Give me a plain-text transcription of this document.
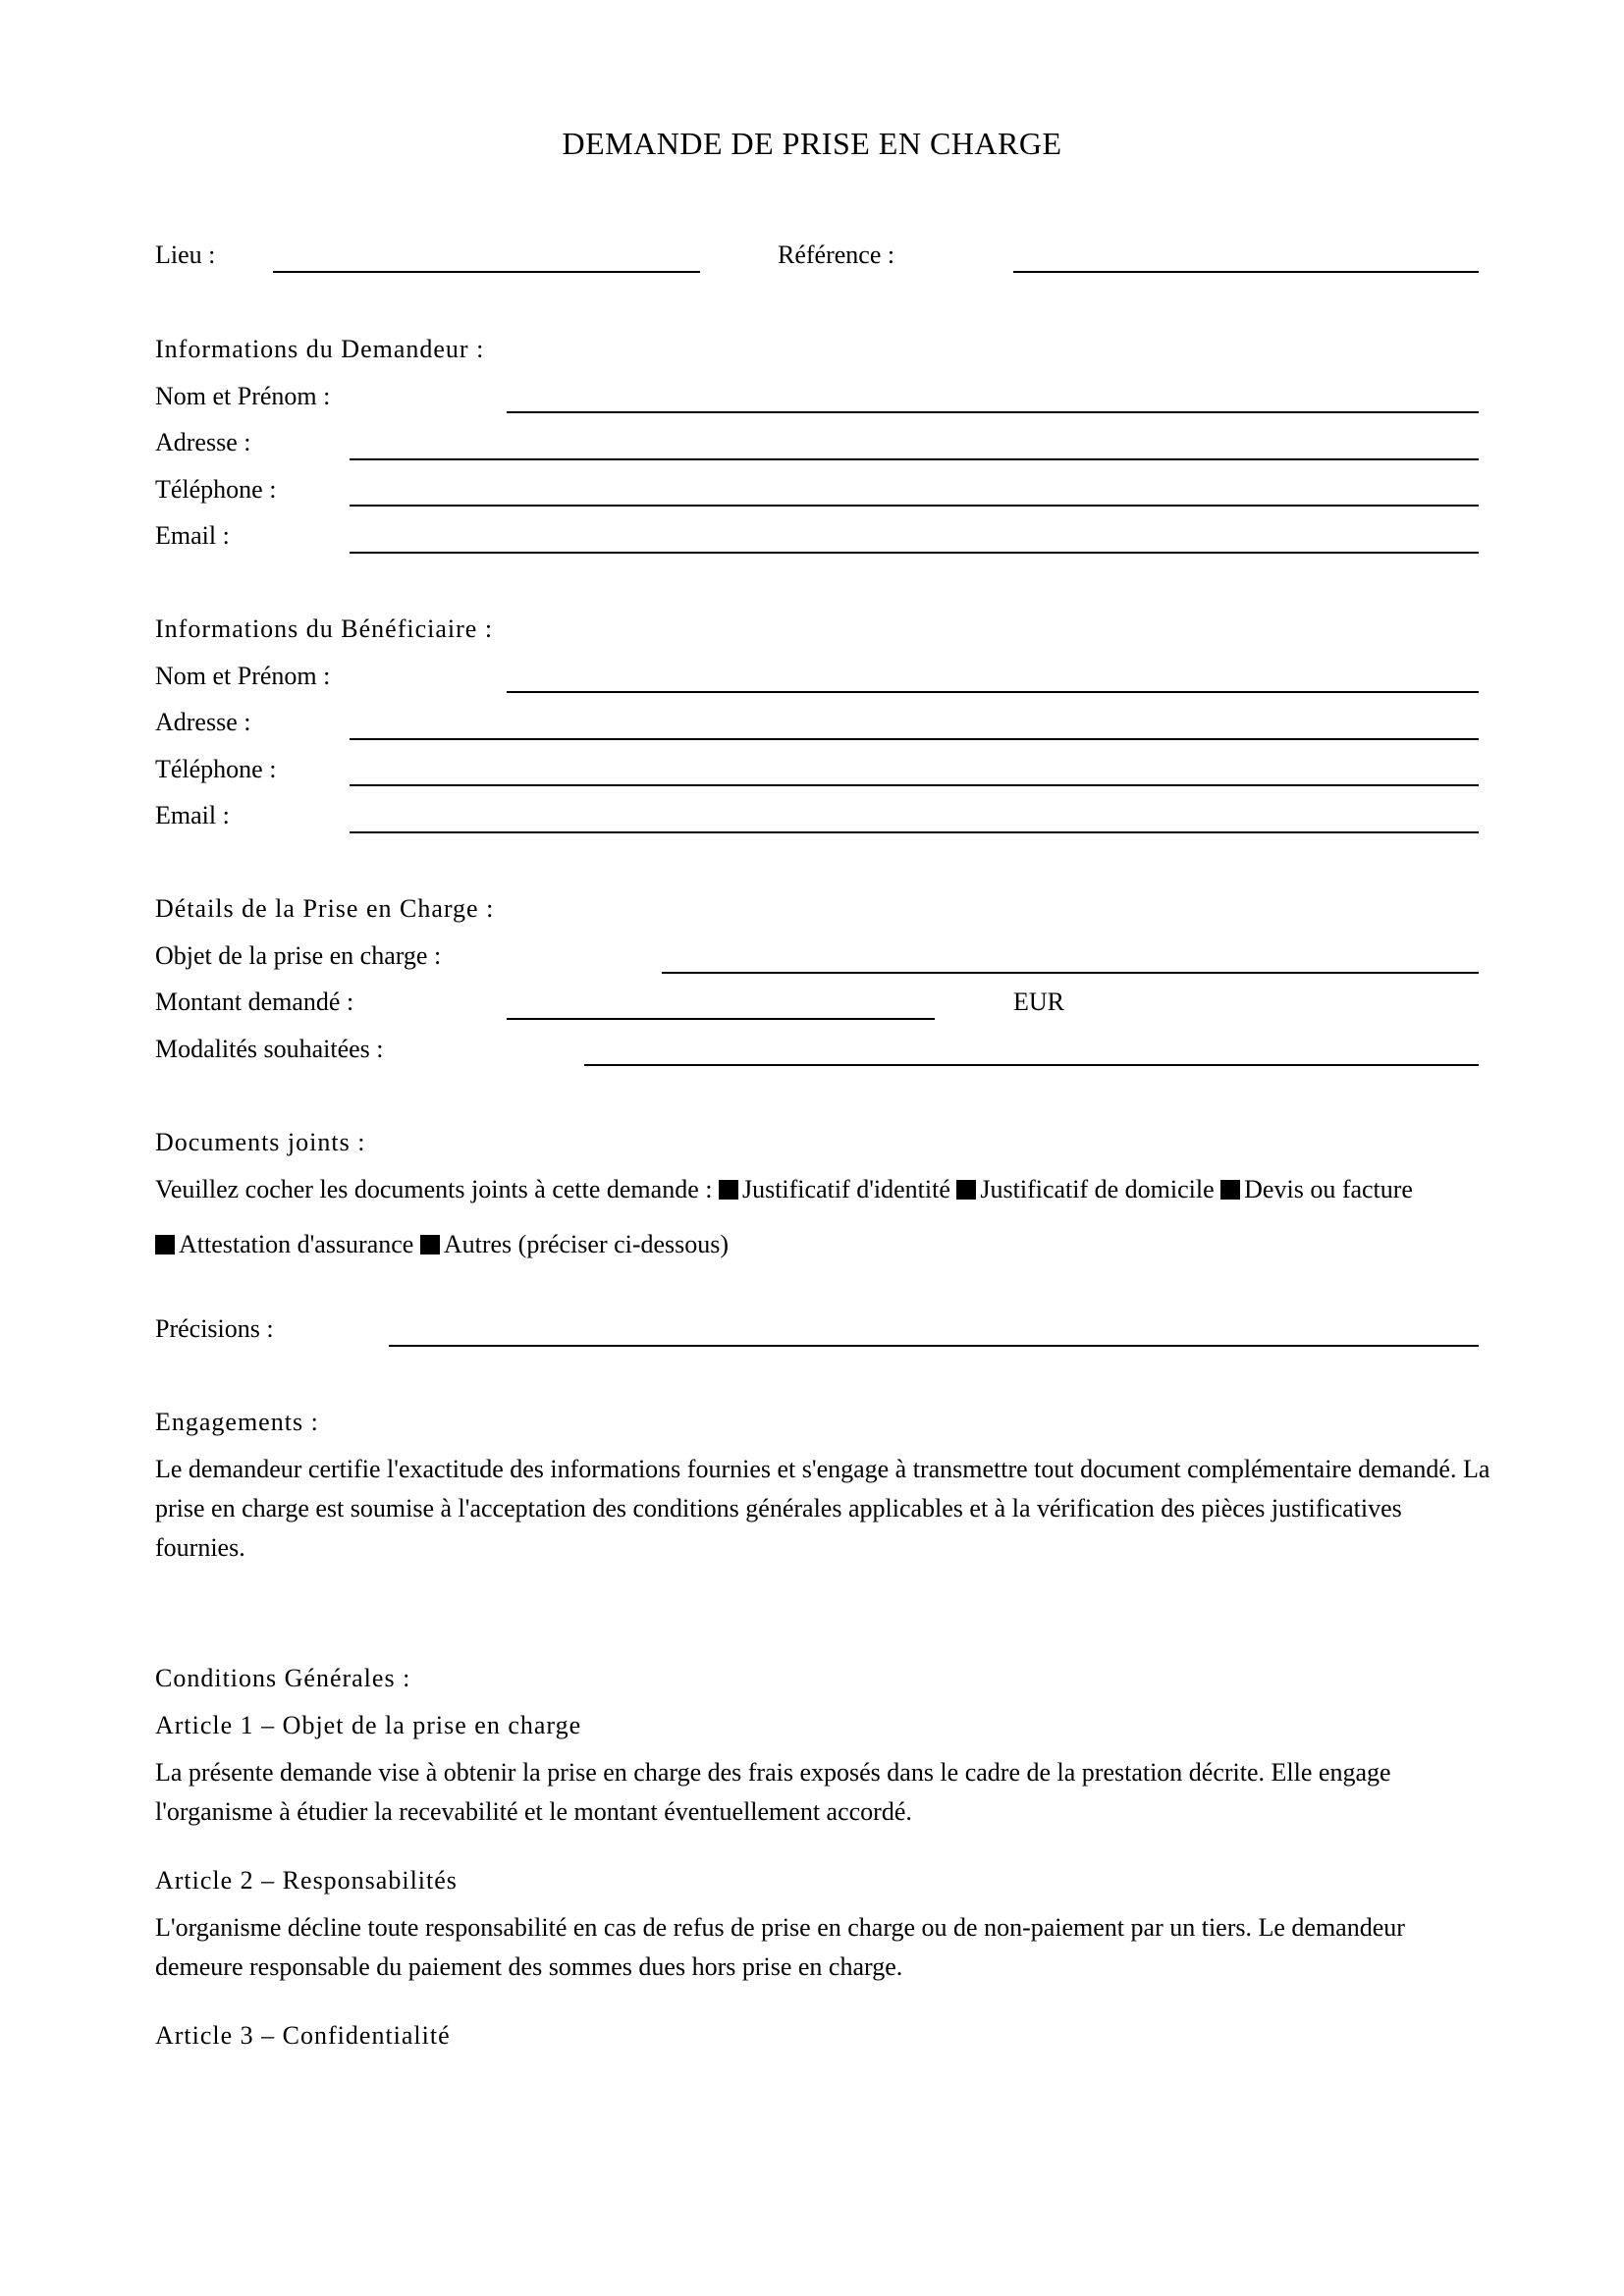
DEMANDE DE PRISE EN CHARGE
Lieu :	Référence :
Informations du Demandeur :
Nom et Prénom :
Adresse :
Téléphone :
Email :
Informations du Bénéficiaire :
Nom et Prénom :
Adresse :
Téléphone :
Email :
Détails de la Prise en Charge :
Objet de la prise en charge :
Montant demandé :	EUR
Modalités souhaitées :
Documents joints :
Veuillez cocher les documents joints à cette demande : Justificatif d'identité Justificatif de domicile Devis ou facture
Attestation d'assurance Autres (préciser ci-dessous)
Précisions :
Engagements :
Le demandeur certifie l'exactitude des informations fournies et s'engage à transmettre tout document complémentaire demandé. La prise en charge est soumise à l'acceptation des conditions générales applicables et à la vérification des pièces justificatives fournies.
Conditions Générales :
Article 1 – Objet de la prise en charge
La présente demande vise à obtenir la prise en charge des frais exposés dans le cadre de la prestation décrite. Elle engage l'organisme à étudier la recevabilité et le montant éventuellement accordé.
Article 2 – Responsabilités
L'organisme décline toute responsabilité en cas de refus de prise en charge ou de non-paiement par un tiers. Le demandeur demeure responsable du paiement des sommes dues hors prise en charge.
Article 3 – Confidentialité
